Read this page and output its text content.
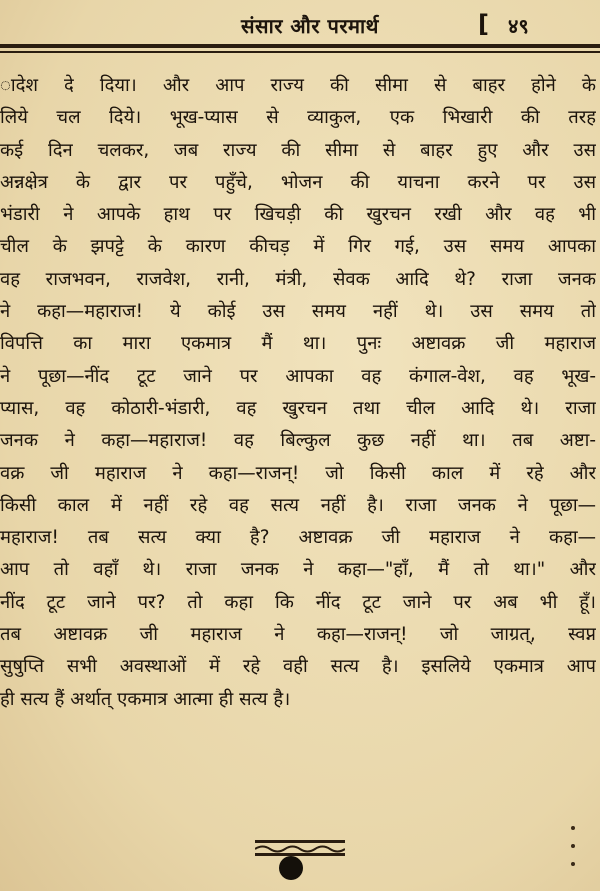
संसार और परमार्थ	[ ४९
ादेश दे दिया। और आप राज्य की सीमा से बाहर होने के
लिये चल दिये। भूख-प्यास से व्याकुल, एक भिखारी की तरह
कई दिन चलकर, जब राज्य की सीमा से बाहर हुए और उस
अन्नक्षेत्र के द्वार पर पहुँचे, भोजन की याचना करने पर उस
भंडारी ने आपके हाथ पर खिचड़ी की खुरचन रखी और वह भी
चील के झपट्टे के कारण कीचड़ में गिर गई, उस समय आपका
वह राजभवन, राजवेश, रानी, मंत्री, सेवक आदि थे? राजा जनक
ने कहा—महाराज! ये कोई उस समय नहीं थे। उस समय तो
विपत्ति का मारा एकमात्र मैं था। पुनः अष्टावक्र जी महाराज
ने पूछा—नींद टूट जाने पर आपका वह कंगाल-वेश, वह भूख-
प्यास, वह कोठारी-भंडारी, वह खुरचन तथा चील आदि थे। राजा
जनक ने कहा—महाराज! वह बिल्कुल कुछ नहीं था। तब अष्टा-
वक्र जी महाराज ने कहा—राजन्! जो किसी काल में रहे और
किसी काल में नहीं रहे वह सत्य नहीं है। राजा जनक ने पूछा—
महाराज! तब सत्य क्या है? अष्टावक्र जी महाराज ने कहा—
आप तो वहाँ थे। राजा जनक ने कहा—"हाँ, मैं तो था।" और
नींद टूट जाने पर? तो कहा कि नींद टूट जाने पर अब भी हूँ।
तब अष्टावक्र जी महाराज ने कहा—राजन्! जो जाग्रत्, स्वप्न
सुषुप्ति सभी अवस्थाओं में रहे वही सत्य है। इसलिये एकमात्र आप
ही सत्य हैं अर्थात् एकमात्र आत्मा ही सत्य है।
